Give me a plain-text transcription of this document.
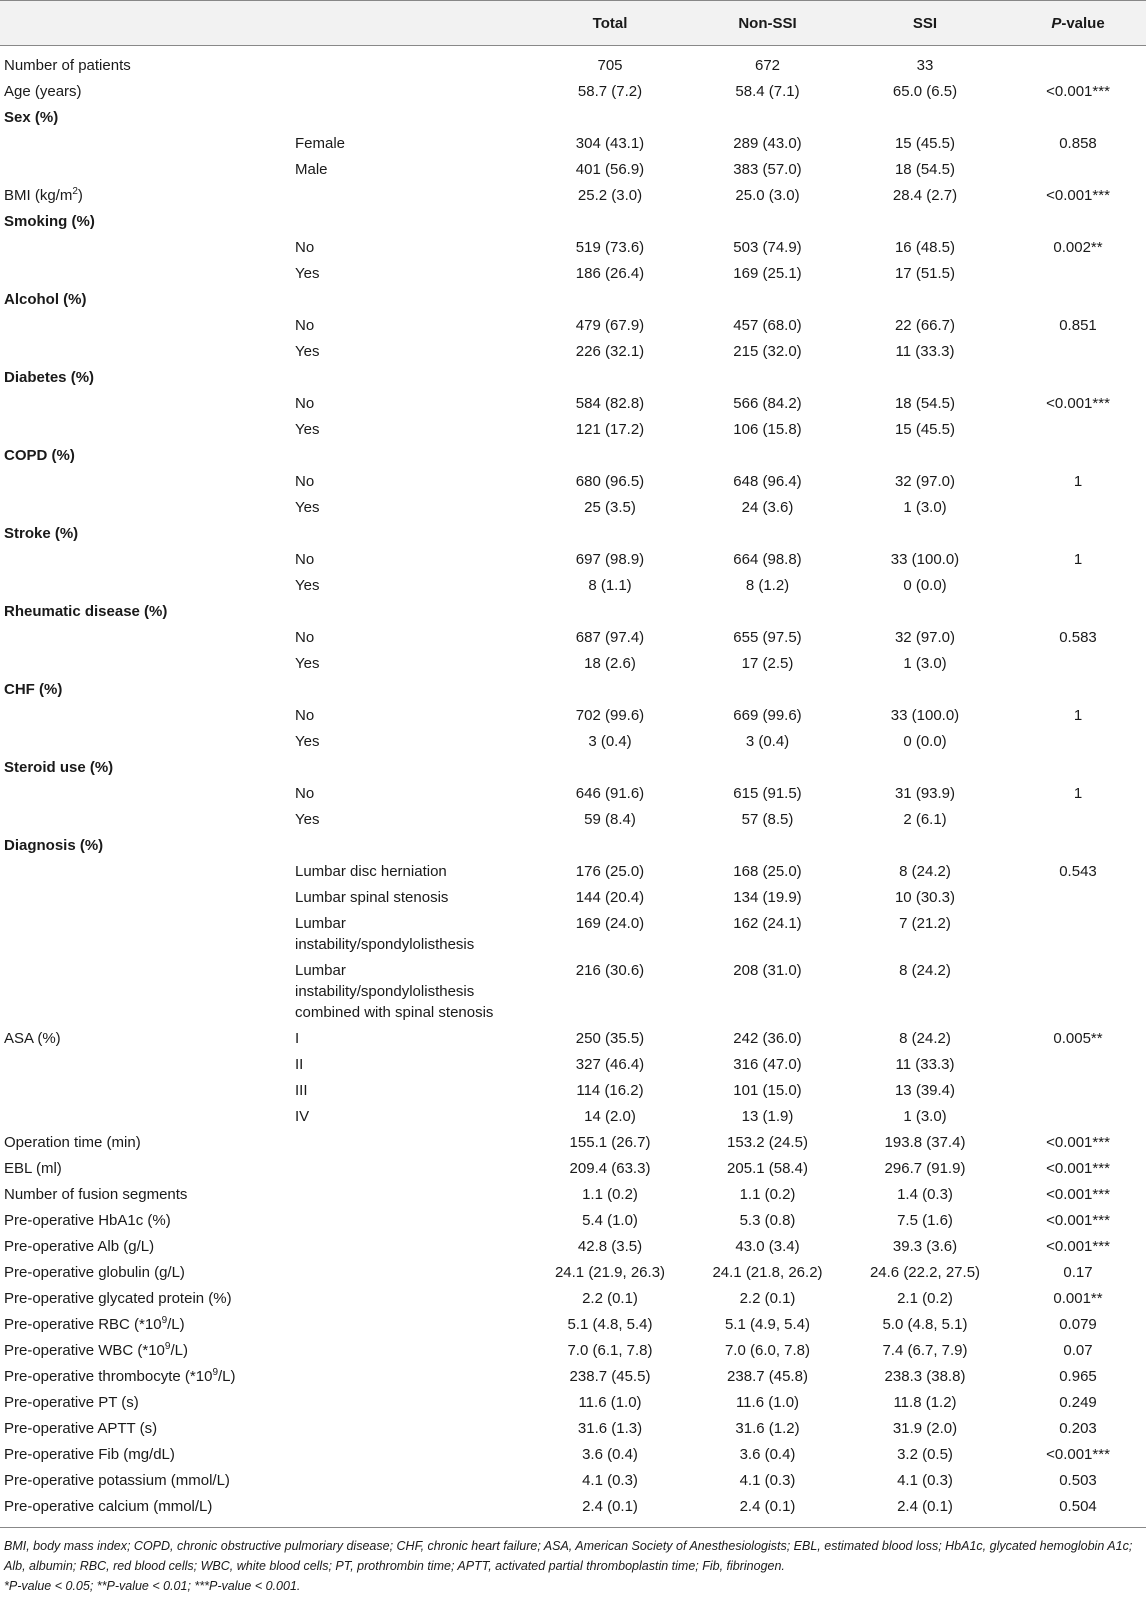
		Total	Non-SSI	SSI	P-value
Number of patients		705	672	33	
Age (years)		58.7 (7.2)	58.4 (7.1)	65.0 (6.5)	<0.001***
Sex (%)					
	Female	304 (43.1)	289 (43.0)	15 (45.5)	0.858
	Male	401 (56.9)	383 (57.0)	18 (54.5)	
BMI $(kg/m^2)$		25.2 (3.0)	25.0 (3.0)	28.4 (2.7)	<0.001***
Smoking (%)					
	No	519 (73.6)	503 (74.9)	16 (48.5)	0.002**
	Yes	186 (26.4)	169 (25.1)	17 (51.5)	
Alcohol (%)					
	No	479 (67.9)	457 (68.0)	22 (66.7)	0.851
	Yes	226 (32.1)	215 (32.0)	11 (33.3)	
Diabetes (%)					
	No	584 (82.8)	566 (84.2)	18 (54.5)	<0.001***
	Yes	121 (17.2)	106 (15.8)	15 (45.5)	
COPD (%)					
	No	680 (96.5)	648 (96.4)	32 (97.0)	1
	Yes	25 (3.5)	24 (3.6)	1 (3.0)	
Stroke (%)					
	No	697 (98.9)	664 (98.8)	33 (100.0)	1
	Yes	8 (1.1)	8 (1.2)	0 (0.0)	
Rheumatic disease (%)					
	No	687 (97.4)	655 (97.5)	32 (97.0)	0.583
	Yes	18 (2.6)	17 (2.5)	1 (3.0)	
CHF (%)					
	No	702 (99.6)	669 (99.6)	33 (100.0)	1
	Yes	3 (0.4)	3 (0.4)	0 (0.0)	
Steroid use (%)					
	No	646 (91.6)	615 (91.5)	31 (93.9)	1
	Yes	59 (8.4)	57 (8.5)	2 (6.1)	
Diagnosis (%)					
	Lumbar disc herniation	176 (25.0)	168 (25.0)	8 (24.2)	0.543
	Lumbar spinal stenosis	144 (20.4)	134 (19.9)	10 (30.3)	
	Lumbar instability/spondylolisthesis	169 (24.0)	162 (24.1)	7 (21.2)	
	Lumbar instability/spondylolisthesis combined with spinal stenosis	216 (30.6)	208 (31.0)	8 (24.2)	
ASA (%)	I	250 (35.5)	242 (36.0)	8 (24.2)	0.005**
	II	327 (46.4)	316 (47.0)	11 (33.3)	
	III	114 (16.2)	101 (15.0)	13 (39.4)	
	IV	14 (2.0)	13 (1.9)	1 (3.0)	
Operation time (min)		155.1 (26.7)	153.2 (24.5)	193.8 (37.4)	<0.001***
EBL (ml)		209.4 (63.3)	205.1 (58.4)	296.7 (91.9)	<0.001***
Number of fusion segments		1.1 (0.2)	1.1 (0.2)	1.4 (0.3)	<0.001***
Pre-operative HbA1c (%)		5.4 (1.0)	5.3 (0.8)	7.5 (1.6)	<0.001***
Pre-operative Alb (g/L)		42.8 (3.5)	43.0 (3.4)	39.3 (3.6)	<0.001***
Pre-operative globulin (g/L)		24.1 (21.9, 26.3)	24.1 (21.8, 26.2)	24.6 (22.2, 27.5)	0.17
Pre-operative glycated protein (%)		2.2 (0.1)	2.2 (0.1)	2.1 (0.2)	0.001**
Pre-operative RBC $(*10^9/L)$		5.1 (4.8, 5.4)	5.1 (4.9, 5.4)	5.0 (4.8, 5.1)	0.079
Pre-operative WBC $(*10^9/L)$		7.0 (6.1, 7.8)	7.0 (6.0, 7.8)	7.4 (6.7, 7.9)	0.07
Pre-operative thrombocyte $(*10^9/L)$		238.7 (45.5)	238.7 (45.8)	238.3 (38.8)	0.965
Pre-operative PT (s)		11.6 (1.0)	11.6 (1.0)	11.8 (1.2)	0.249
Pre-operative APTT (s)		31.6 (1.3)	31.6 (1.2)	31.9 (2.0)	0.203
Pre-operative Fib (mg/dL)		3.6 (0.4)	3.6 (0.4)	3.2 (0.5)	<0.001***
Pre-operative potassium (mmol/L)		4.1 (0.3)	4.1 (0.3)	4.1 (0.3)	0.503
Pre-operative calcium (mmol/L)		2.4 (0.1)	2.4 (0.1)	2.4 (0.1)	0.504

BMI, body mass index; COPD, chronic obstructive pulmoriary disease; CHF, chronic heart failure; ASA, American Society of Anesthesiologists; EBL, estimated blood loss; HbA1c, glycated hemoglobin A1c; Alb, albumin; RBC, red blood cells; WBC, white blood cells; PT, prothrombin time; APTT, activated partial thromboplastin time; Fib, fibrinogen.

*P-value < 0.05; **P-value < 0.01; ***P-value < 0.001.
